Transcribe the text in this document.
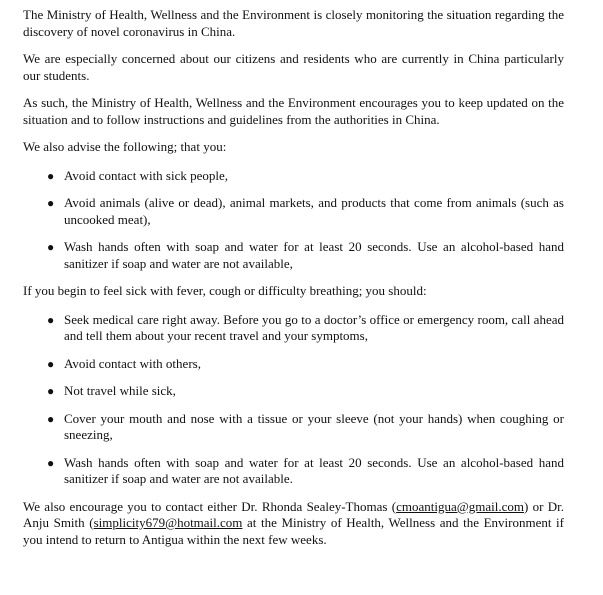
The Ministry of Health, Wellness and the Environment is closely monitoring the situation regarding the discovery of novel coronavirus in China.

We are especially concerned about our citizens and residents who are currently in China particularly our students.

As such, the Ministry of Health, Wellness and the Environment encourages you to keep updated on the situation and to follow instructions and guidelines from the authorities in China.

We also advise the following; that you:

● Avoid contact with sick people,
● Avoid animals (alive or dead), animal markets, and products that come from animals (such as uncooked meat),
● Wash hands often with soap and water for at least 20 seconds. Use an alcohol-based hand sanitizer if soap and water are not available,

If you begin to feel sick with fever, cough or difficulty breathing; you should:

● Seek medical care right away. Before you go to a doctor’s office or emergency room, call ahead and tell them about your recent travel and your symptoms,
● Avoid contact with others,
● Not travel while sick,
● Cover your mouth and nose with a tissue or your sleeve (not your hands) when coughing or sneezing,
● Wash hands often with soap and water for at least 20 seconds. Use an alcohol-based hand sanitizer if soap and water are not available.

We also encourage you to contact either Dr. Rhonda Sealey-Thomas (cmoantigua@gmail.com) or Dr. Anju Smith (simplicity679@hotmail.com at the Ministry of Health, Wellness and the Environment if you intend to return to Antigua within the next few weeks.
